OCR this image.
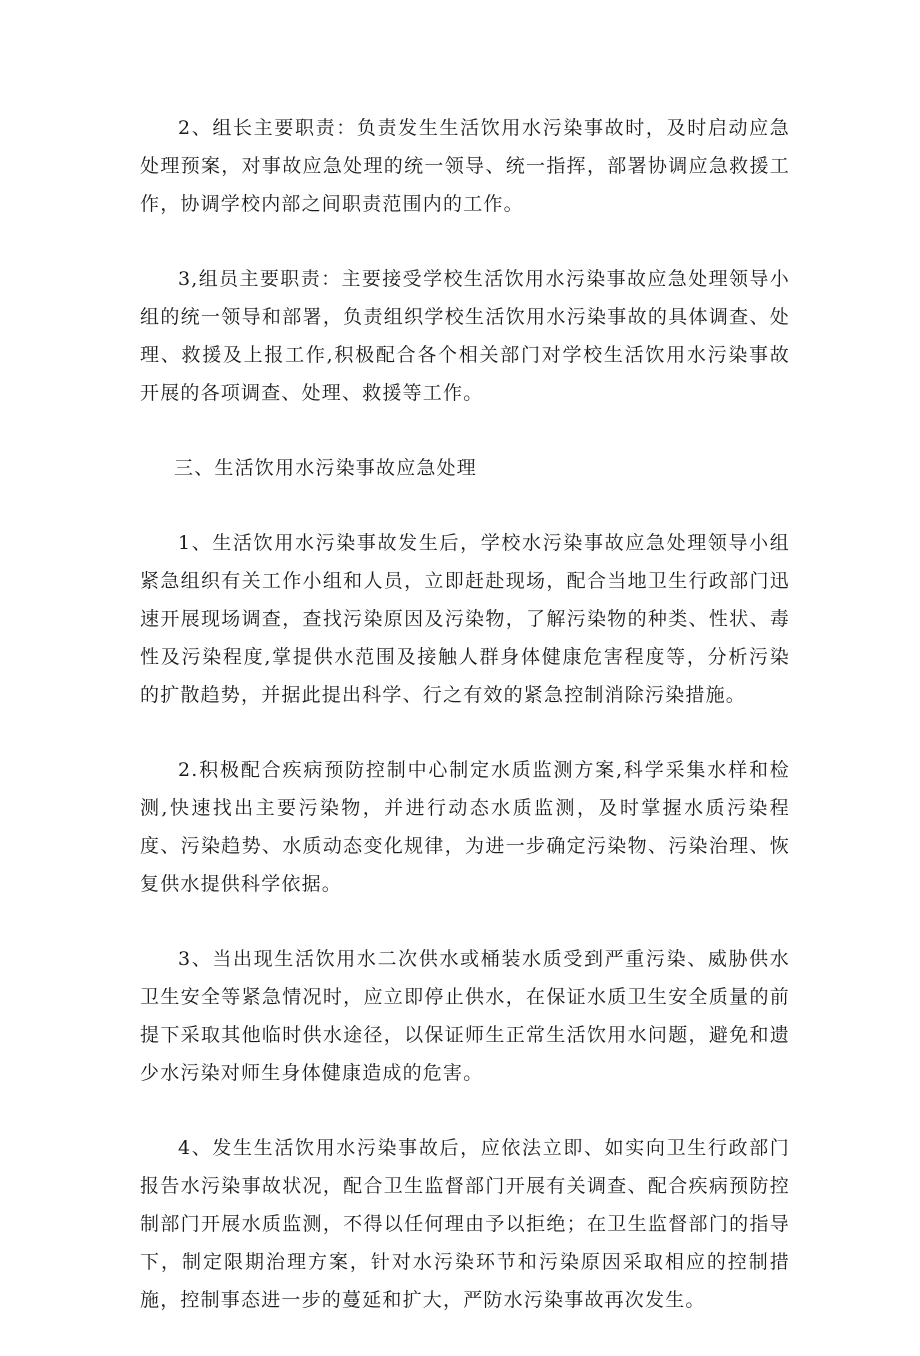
2、组长主要职责：负责发生生活饮用水污染事故时，及时启动应急处理预案，对事故应急处理的统一领导、统一指挥，部署协调应急救援工作，协调学校内部之间职责范围内的工作。

3,组员主要职责：主要接受学校生活饮用水污染事故应急处理领导小组的统一领导和部署，负责组织学校生活饮用水污染事故的具体调查、处理、救援及上报工作,积极配合各个相关部门对学校生活饮用水污染事故开展的各项调查、处理、救援等工作。

三、生活饮用水污染事故应急处理

1、生活饮用水污染事故发生后，学校水污染事故应急处理领导小组紧急组织有关工作小组和人员，立即赶赴现场，配合当地卫生行政部门迅速开展现场调查，查找污染原因及污染物，了解污染物的种类、性状、毒性及污染程度,掌提供水范围及接触人群身体健康危害程度等，分析污染的扩散趋势，并据此提出科学、行之有效的紧急控制消除污染措施。

2.积极配合疾病预防控制中心制定水质监测方案,科学采集水样和检测,快速找出主要污染物，并进行动态水质监测，及时掌握水质污染程度、污染趋势、水质动态变化规律，为进一步确定污染物、污染治理、恢复供水提供科学依据。

3、当出现生活饮用水二次供水或桶装水质受到严重污染、威胁供水卫生安全等紧急情况时，应立即停止供水，在保证水质卫生安全质量的前提下采取其他临时供水途径，以保证师生正常生活饮用水问题，避免和遗少水污染对师生身体健康造成的危害。

4、发生生活饮用水污染事故后，应依法立即、如实向卫生行政部门报告水污染事故状况，配合卫生监督部门开展有关调查、配合疾病预防控制部门开展水质监测，不得以任何理由予以拒绝；在卫生监督部门的指导下，制定限期治理方案，针对水污染环节和污染原因采取相应的控制措施，控制事态进一步的蔓延和扩大，严防水污染事故再次发生。
